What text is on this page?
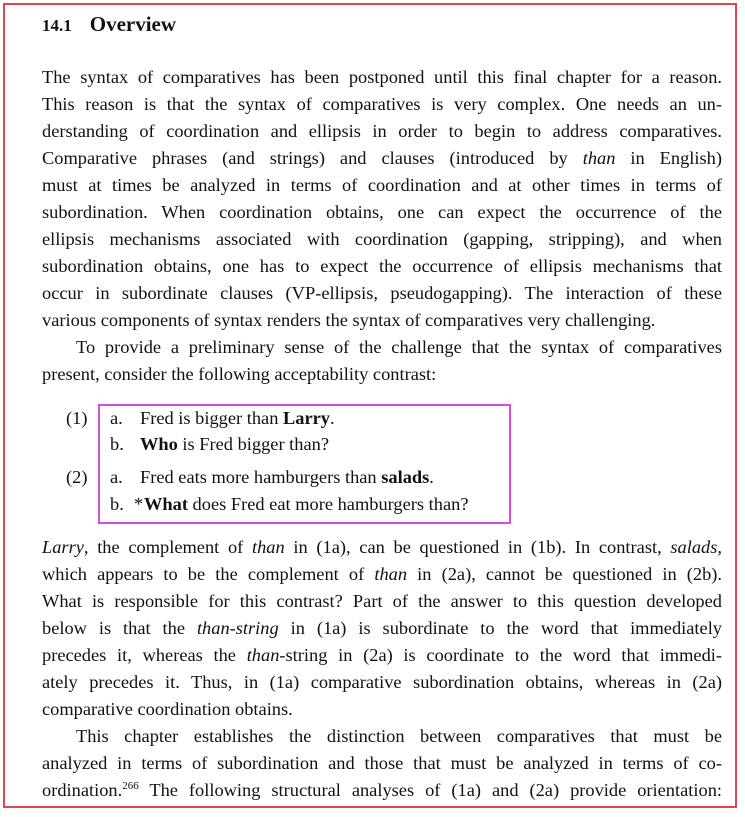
14.1 Overview
The syntax of comparatives has been postponed until this final chapter for a reason.
This reason is that the syntax of comparatives is very complex. One needs an un-
derstanding of coordination and ellipsis in order to begin to address comparatives.
Comparative phrases (and strings) and clauses (introduced by than in English)
must at times be analyzed in terms of coordination and at other times in terms of
subordination. When coordination obtains, one can expect the occurrence of the
ellipsis mechanisms associated with coordination (gapping, stripping), and when
subordination obtains, one has to expect the occurrence of ellipsis mechanisms that
occur in subordinate clauses (VP-ellipsis, pseudogapping). The interaction of these
various components of syntax renders the syntax of comparatives very challenging.
To provide a preliminary sense of the challenge that the syntax of comparatives
present, consider the following acceptability contrast:
(1) a. Fred is bigger than Larry.
b. Who is Fred bigger than?
(2) a. Fred eats more hamburgers than salads.
b. * What does Fred eat more hamburgers than?
Larry, the complement of than in (1a), can be questioned in (1b). In contrast, salads,
which appears to be the complement of than in (2a), cannot be questioned in (2b).
What is responsible for this contrast? Part of the answer to this question developed
below is that the than-string in (1a) is subordinate to the word that immediately
precedes it, whereas the than-string in (2a) is coordinate to the word that immedi-
ately precedes it. Thus, in (1a) comparative subordination obtains, whereas in (2a)
comparative coordination obtains.
This chapter establishes the distinction between comparatives that must be
analyzed in terms of subordination and those that must be analyzed in terms of co-
ordination.$^{266}$ The following structural analyses of (1a) and (2a) provide orientation:
